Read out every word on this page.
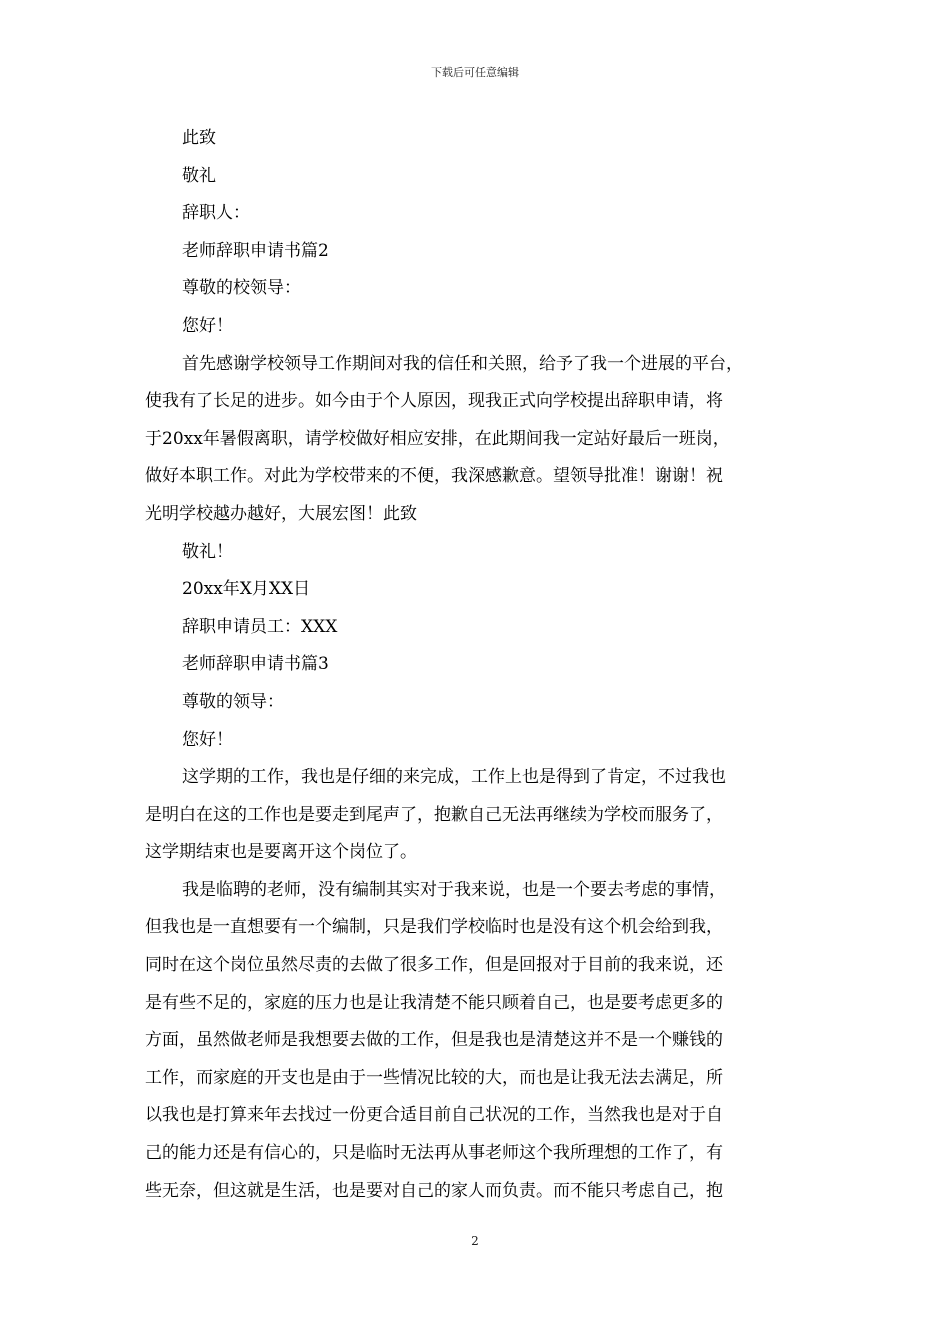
下载后可任意编辑
此致
敬礼
辞职人：
老师辞职申请书篇2
尊敬的校领导：
您好！
首先感谢学校领导工作期间对我的信任和关照，给予了我一个进展的平台，
使我有了长足的进步。如今由于个人原因，现我正式向学校提出辞职申请，将
于20xx年暑假离职，请学校做好相应安排，在此期间我一定站好最后一班岗，
做好本职工作。对此为学校带来的不便，我深感歉意。望领导批准！谢谢！祝
光明学校越办越好，大展宏图！此致
敬礼！
20xx年X月XX日
辞职申请员工：XXX
老师辞职申请书篇3
尊敬的领导：
您好！
这学期的工作，我也是仔细的来完成，工作上也是得到了肯定，不过我也
是明白在这的工作也是要走到尾声了，抱歉自己无法再继续为学校而服务了，
这学期结束也是要离开这个岗位了。
我是临聘的老师，没有编制其实对于我来说，也是一个要去考虑的事情，
但我也是一直想要有一个编制，只是我们学校临时也是没有这个机会给到我，
同时在这个岗位虽然尽责的去做了很多工作，但是回报对于目前的我来说，还
是有些不足的，家庭的压力也是让我清楚不能只顾着自己，也是要考虑更多的
方面，虽然做老师是我想要去做的工作，但是我也是清楚这并不是一个赚钱的
工作，而家庭的开支也是由于一些情况比较的大，而也是让我无法去满足，所
以我也是打算来年去找过一份更合适目前自己状况的工作，当然我也是对于自
己的能力还是有信心的，只是临时无法再从事老师这个我所理想的工作了，有
些无奈，但这就是生活，也是要对自己的家人而负责。而不能只考虑自己，抱
2
